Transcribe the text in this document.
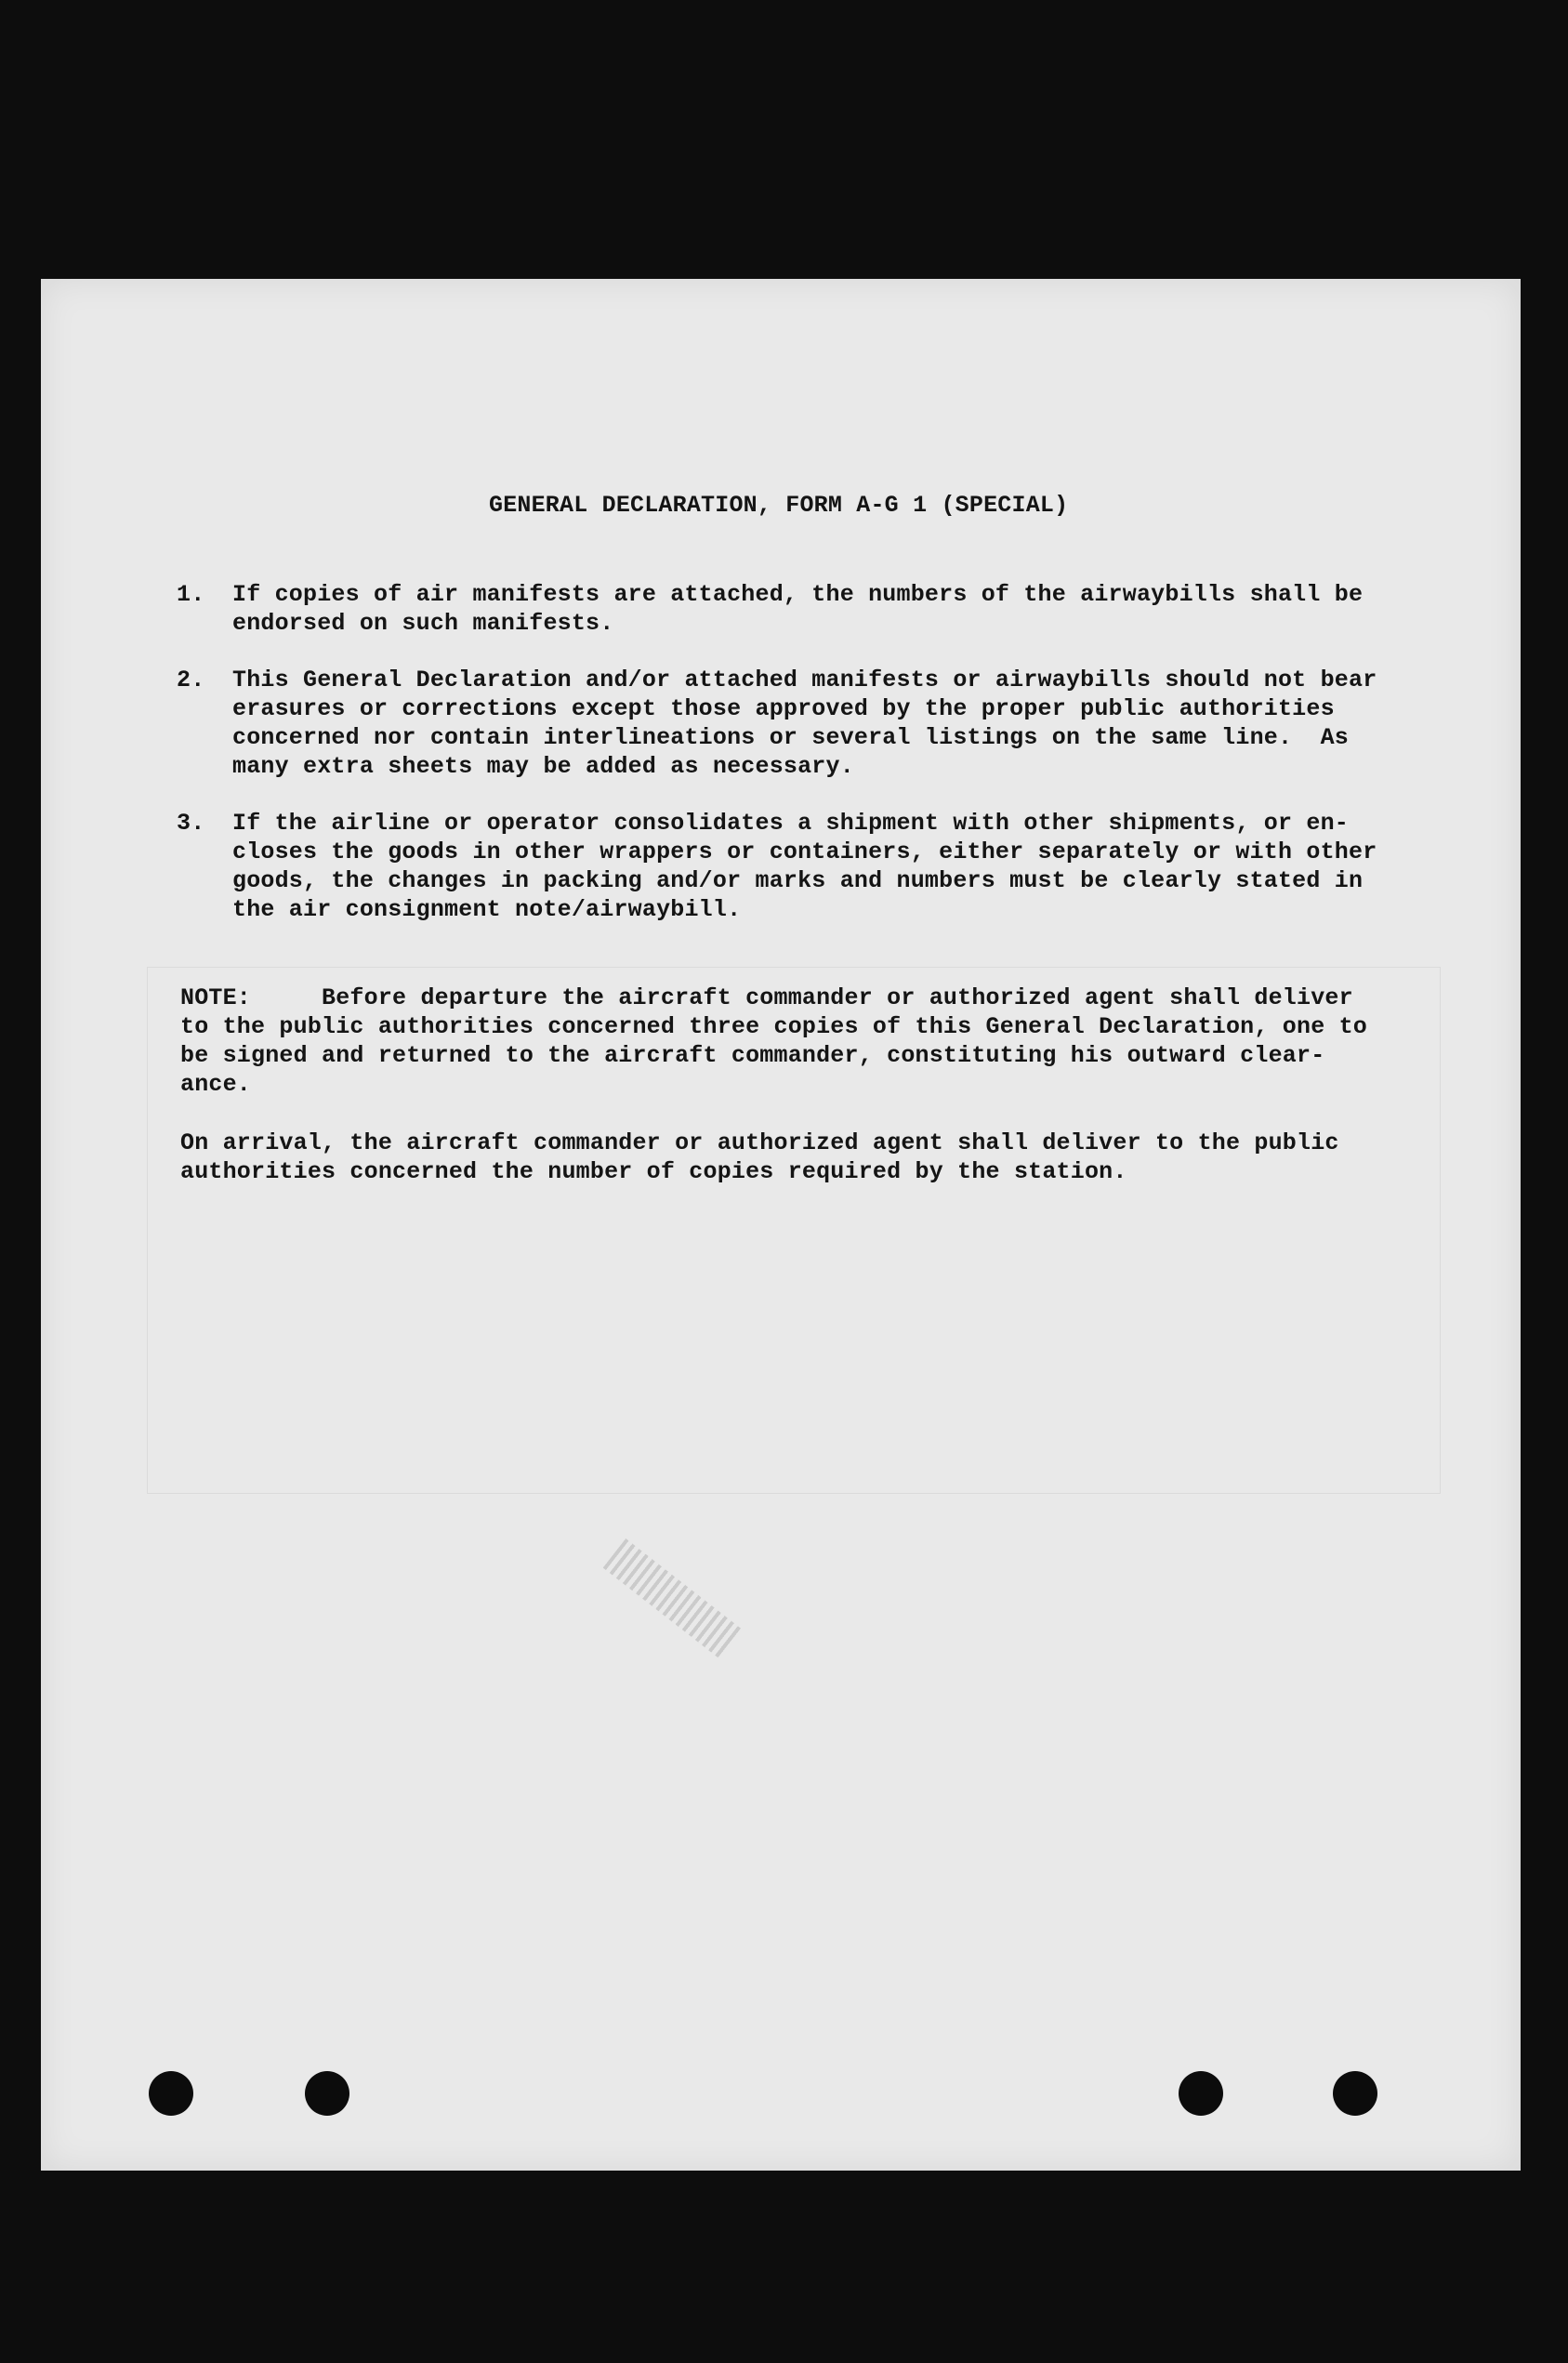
GENERAL DECLARATION, FORM A-G 1 (SPECIAL)

1.

If copies of air manifests are attached, the numbers of the airwaybills shall be
endorsed on such manifests.

2.

This General Declaration and/or attached manifests or airwaybills should not bear
erasures or corrections except those approved by the proper public authorities
concerned nor contain interlineations or several listings on the same line.  As
many extra sheets may be added as necessary.

3.

If the airline or operator consolidates a shipment with other shipments, or en-
closes the goods in other wrappers or containers, either separately or with other
goods, the changes in packing and/or marks and numbers must be clearly stated in
the air consignment note/airwaybill.

NOTE:     Before departure the aircraft commander or authorized agent shall deliver
to the public authorities concerned three copies of this General Declaration, one to
be signed and returned to the aircraft commander, constituting his outward clear-
ance.
On arrival, the aircraft commander or authorized agent shall deliver to the public
authorities concerned the number of copies required by the station.
